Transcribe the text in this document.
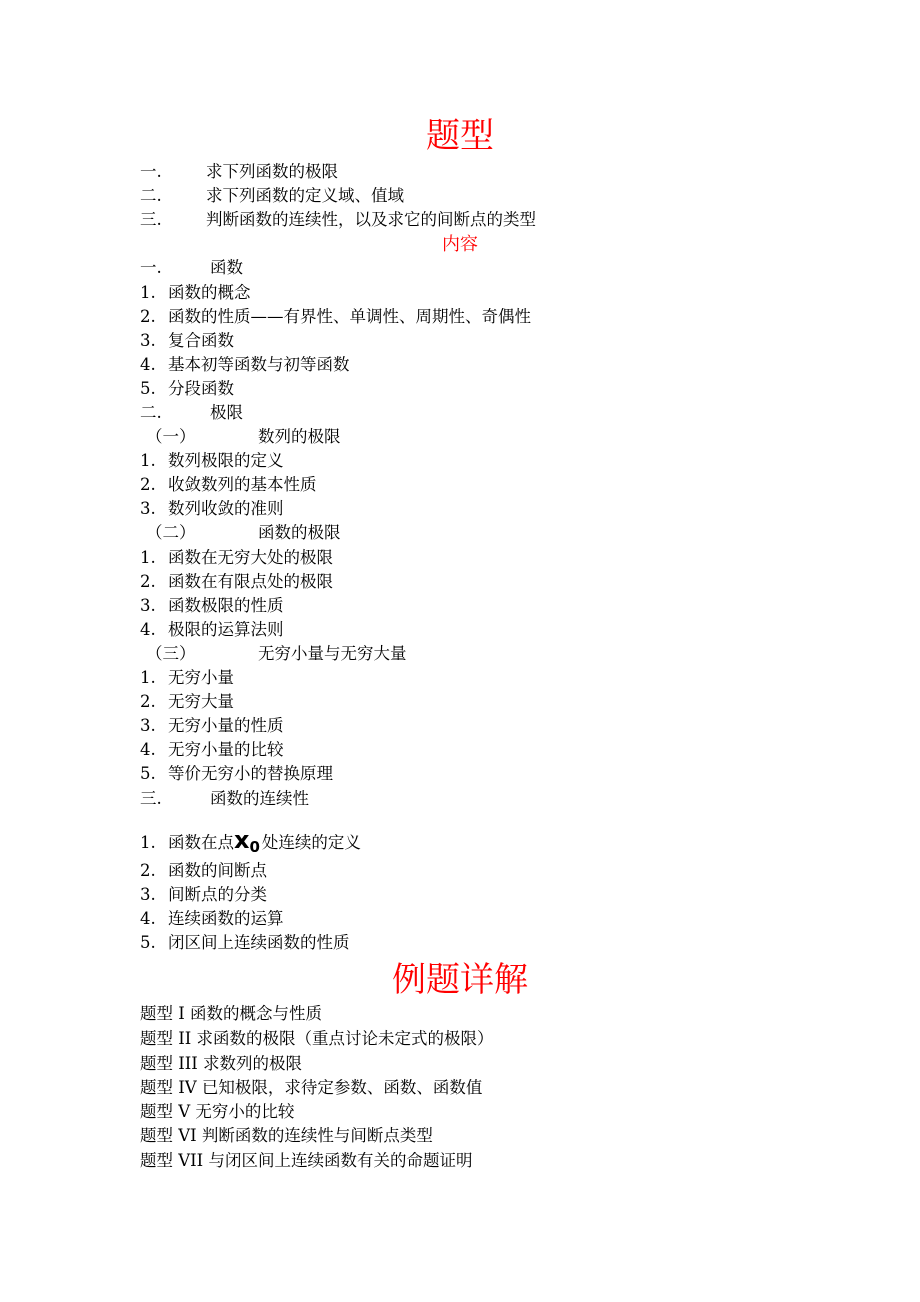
题型
一.	求下列函数的极限
二.	求下列函数的定义域、值域
三.	判断函数的连续性，以及求它的间断点的类型
内容
一.	函数
1. 函数的概念
2. 函数的性质——有界性、单调性、周期性、奇偶性
3. 复合函数
4. 基本初等函数与初等函数
5. 分段函数
二.	极限
（一）	数列的极限
1. 数列极限的定义
2. 收敛数列的基本性质
3. 数列收敛的准则
（二）	函数的极限
1. 函数在无穷大处的极限
2. 函数在有限点处的极限
3. 函数极限的性质
4. 极限的运算法则
（三）	无穷小量与无穷大量
1. 无穷小量
2. 无穷大量
3. 无穷小量的性质
4. 无穷小量的比较
5. 等价无穷小的替换原理
三.	函数的连续性
1. 函数在点x0 处连续的定义
2. 函数的间断点
3. 间断点的分类
4. 连续函数的运算
5. 闭区间上连续函数的性质
例题详解
题型 I 函数的概念与性质
题型 II 求函数的极限（重点讨论未定式的极限）
题型 III 求数列的极限
题型 IV 已知极限，求待定参数、函数、函数值
题型 V 无穷小的比较
题型 VI 判断函数的连续性与间断点类型
题型 VII 与闭区间上连续函数有关的命题证明
